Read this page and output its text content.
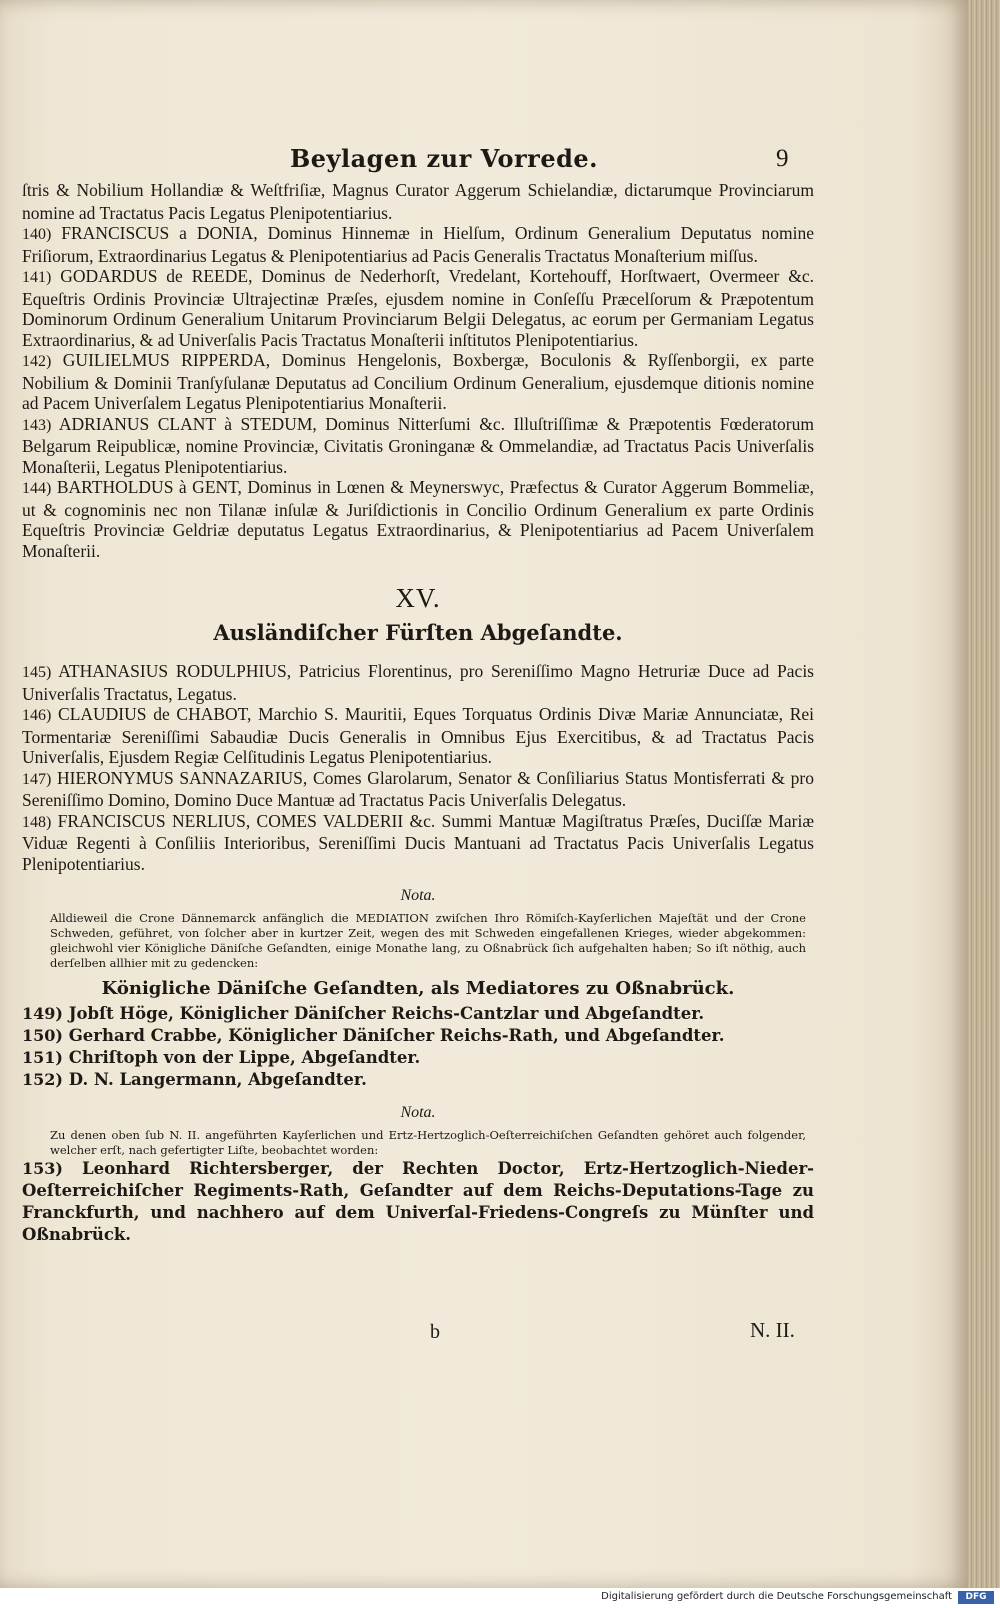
Beylagen zur Vorrede.	9

ſtris & Nobilium Hollandiæ & Weſtfriſiæ, Magnus Curator Aggerum Schielandiæ, dictarumque Provinciarum nomine ad Tractatus Pacis Legatus Plenipotentiarius.

140) FRANCISCUS a DONIA, Dominus Hinnemæ in Hielſum, Ordinum Generalium Deputatus nomine Friſiorum, Extraordinarius Legatus & Plenipotentiarius ad Pacis Generalis Tractatus Monaſterium miſſus.

141) GODARDUS de REEDE, Dominus de Nederhorſt, Vredelant, Kortehouff, Horſtwaert, Overmeer &c. Equeſtris Ordinis Provinciæ Ultrajectinæ Præſes, ejusdem nomine in Conſeſſu Præcelſorum & Præpotentum Dominorum Ordinum Generalium Unitarum Provinciarum Belgii Delegatus, ac eorum per Germaniam Legatus Extraordinarius, & ad Univerſalis Pacis Tractatus Monaſterii inſtitutos Plenipotentiarius.

142) GUILIELMUS RIPPERDA, Dominus Hengelonis, Boxbergæ, Boculonis & Ryſſenborgii, ex parte Nobilium & Dominii Tranſyſulanæ Deputatus ad Concilium Ordinum Generalium, ejusdemque ditionis nomine ad Pacem Univerſalem Legatus Plenipotentiarius Monaſterii.

143) ADRIANUS CLANT à STEDUM, Dominus Nitterſumi &c. Illuſtriſſimæ & Præpotentis Fœderatorum Belgarum Reipublicæ, nomine Provinciæ, Civitatis Groninganæ & Ommelandiæ, ad Tractatus Pacis Univerſalis Monaſterii, Legatus Plenipotentiarius.

144) BARTHOLDUS à GENT, Dominus in Lœnen & Meynerswyc, Præfectus & Curator Aggerum Bommeliæ, ut & cognominis nec non Tilanæ inſulæ & Juriſdictionis in Concilio Ordinum Generalium ex parte Ordinis Equeſtris Provinciæ Geldriæ deputatus Legatus Extraordinarius, & Plenipotentiarius ad Pacem Univerſalem Monaſterii.

XV.
Ausländiſcher Fürſten Abgeſandte.

145) ATHANASIUS RODULPHIUS, Patricius Florentinus, pro Sereniſſimo Magno Hetruriæ Duce ad Pacis Univerſalis Tractatus, Legatus.

146) CLAUDIUS de CHABOT, Marchio S. Mauritii, Eques Torquatus Ordinis Divæ Mariæ Annunciatæ, Rei Tormentariæ Sereniſſimi Sabaudiæ Ducis Generalis in Omnibus Ejus Exercitibus, & ad Tractatus Pacis Univerſalis, Ejusdem Regiæ Celſitudinis Legatus Plenipotentiarius.

147) HIERONYMUS SANNAZARIUS, Comes Glarolarum, Senator & Conſiliarius Status Montisferrati & pro Sereniſſimo Domino, Domino Duce Mantuæ ad Tractatus Pacis Univerſalis Delegatus.

148) FRANCISCUS NERLIUS, COMES VALDERII &c. Summi Mantuæ Magiſtratus Præſes, Duciſſæ Mariæ Viduæ Regenti à Conſiliis Interioribus, Sereniſſimi Ducis Mantuani ad Tractatus Pacis Univerſalis Legatus Plenipotentiarius.

Nota.
Alldieweil die Crone Dännemarck anfänglich die MEDIATION zwiſchen Ihro Römiſch-Kayſerlichen Majeſtät und der Crone Schweden, geführet, von ſolcher aber in kurtzer Zeit, wegen des mit Schweden eingefallenen Krieges, wieder abgekommen: gleichwohl vier Königliche Däniſche Geſandten, einige Monathe lang, zu Oßnabrück ſich aufgehalten haben; So iſt nöthig, auch derſelben allhier mit zu gedencken:
Königliche Däniſche Geſandten, als Mediatores zu Oßnabrück.

149) Jobſt Höge, Königlicher Däniſcher Reichs-Cantzlar und Abgeſandter.

150) Gerhard Crabbe, Königlicher Däniſcher Reichs-Rath, und Abgeſandter.

151) Chriſtoph von der Lippe, Abgeſandter.

152) D. N. Langermann, Abgeſandter.

Nota.
Zu denen oben ſub N. II. angeführten Kayſerlichen und Ertz-Hertzoglich-Oeſterreichiſchen Geſandten gehöret auch folgender, welcher erſt, nach gefertigter Liſte, beobachtet worden:

153) Leonhard Richtersberger, der Rechten Doctor, Ertz-Hertzoglich-Nieder-Oeſterreichiſcher Regiments-Rath, Geſandter auf dem Reichs-Deputations-Tage zu Franckfurth, und nachhero auf dem Univerſal-Friedens-Congreſs zu Münſter und Oßnabrück.

b	N. II.
Digitalisierung gefördert durch die Deutsche Forschungsgemeinschaft	DFG
